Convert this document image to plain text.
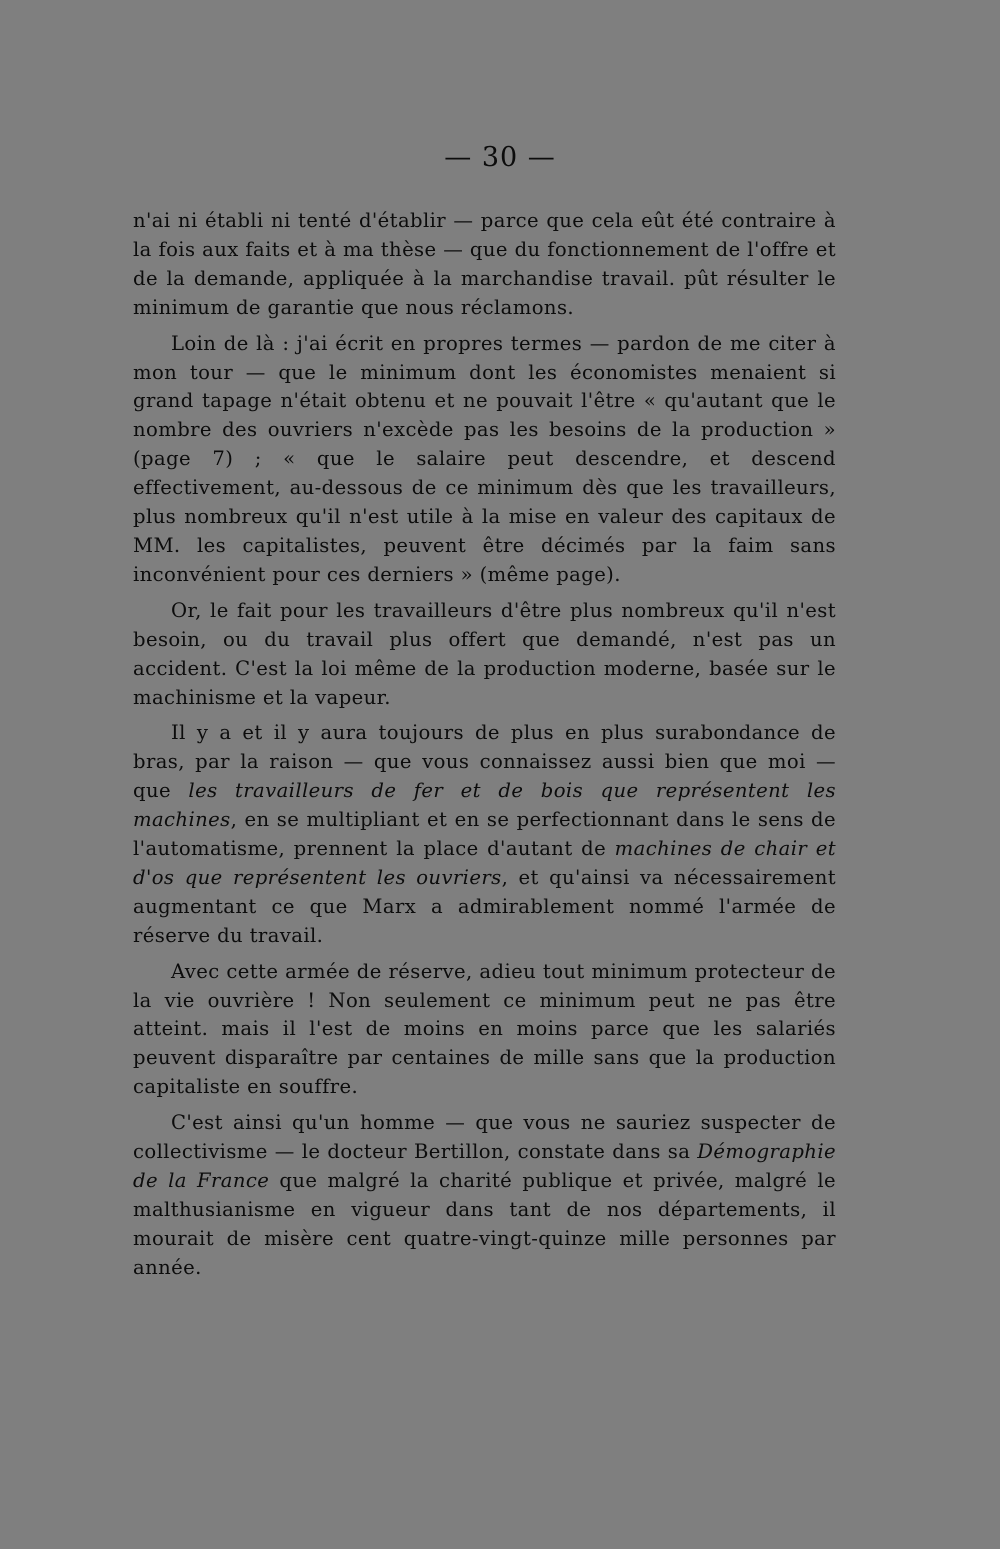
— 30 —

n'ai ni établi ni tenté d'établir — parce que cela eût été contraire à la fois aux faits et à ma thèse — que du fonctionnement de l'offre et de la demande, appliquée à la marchandise travail. pût résulter le minimum de garantie que nous réclamons.

Loin de là : j'ai écrit en propres termes — pardon de me citer à mon tour — que le minimum dont les économistes menaient si grand tapage n'était obtenu et ne pouvait l'être « qu'autant que le nombre des ouvriers n'excède pas les besoins de la production » (page 7) ; « que le salaire peut descendre, et descend effectivement, au-dessous de ce minimum dès que les travailleurs, plus nombreux qu'il n'est utile à la mise en valeur des capitaux de MM. les capitalistes, peuvent être décimés par la faim sans inconvénient pour ces derniers » (même page).

Or, le fait pour les travailleurs d'être plus nombreux qu'il n'est besoin, ou du travail plus offert que demandé, n'est pas un accident. C'est la loi même de la production moderne, basée sur le machinisme et la vapeur.

Il y a et il y aura toujours de plus en plus surabondance de bras, par la raison — que vous connaissez aussi bien que moi — que les travailleurs de fer et de bois que représentent les machines, en se multipliant et en se perfectionnant dans le sens de l'automatisme, prennent la place d'autant de machines de chair et d'os que représentent les ouvriers, et qu'ainsi va nécessairement augmentant ce que Marx a admirablement nommé l'armée de réserve du travail.

Avec cette armée de réserve, adieu tout minimum protecteur de la vie ouvrière ! Non seulement ce minimum peut ne pas être atteint. mais il l'est de moins en moins parce que les salariés peuvent disparaître par centaines de mille sans que la production capitaliste en souffre.

C'est ainsi qu'un homme — que vous ne sauriez suspecter de collectivisme — le docteur Bertillon, constate dans sa Démographie de la France que malgré la charité publique et privée, malgré le malthusianisme en vigueur dans tant de nos départements, il mourait de misère cent quatre-vingt-quinze mille personnes par année.
